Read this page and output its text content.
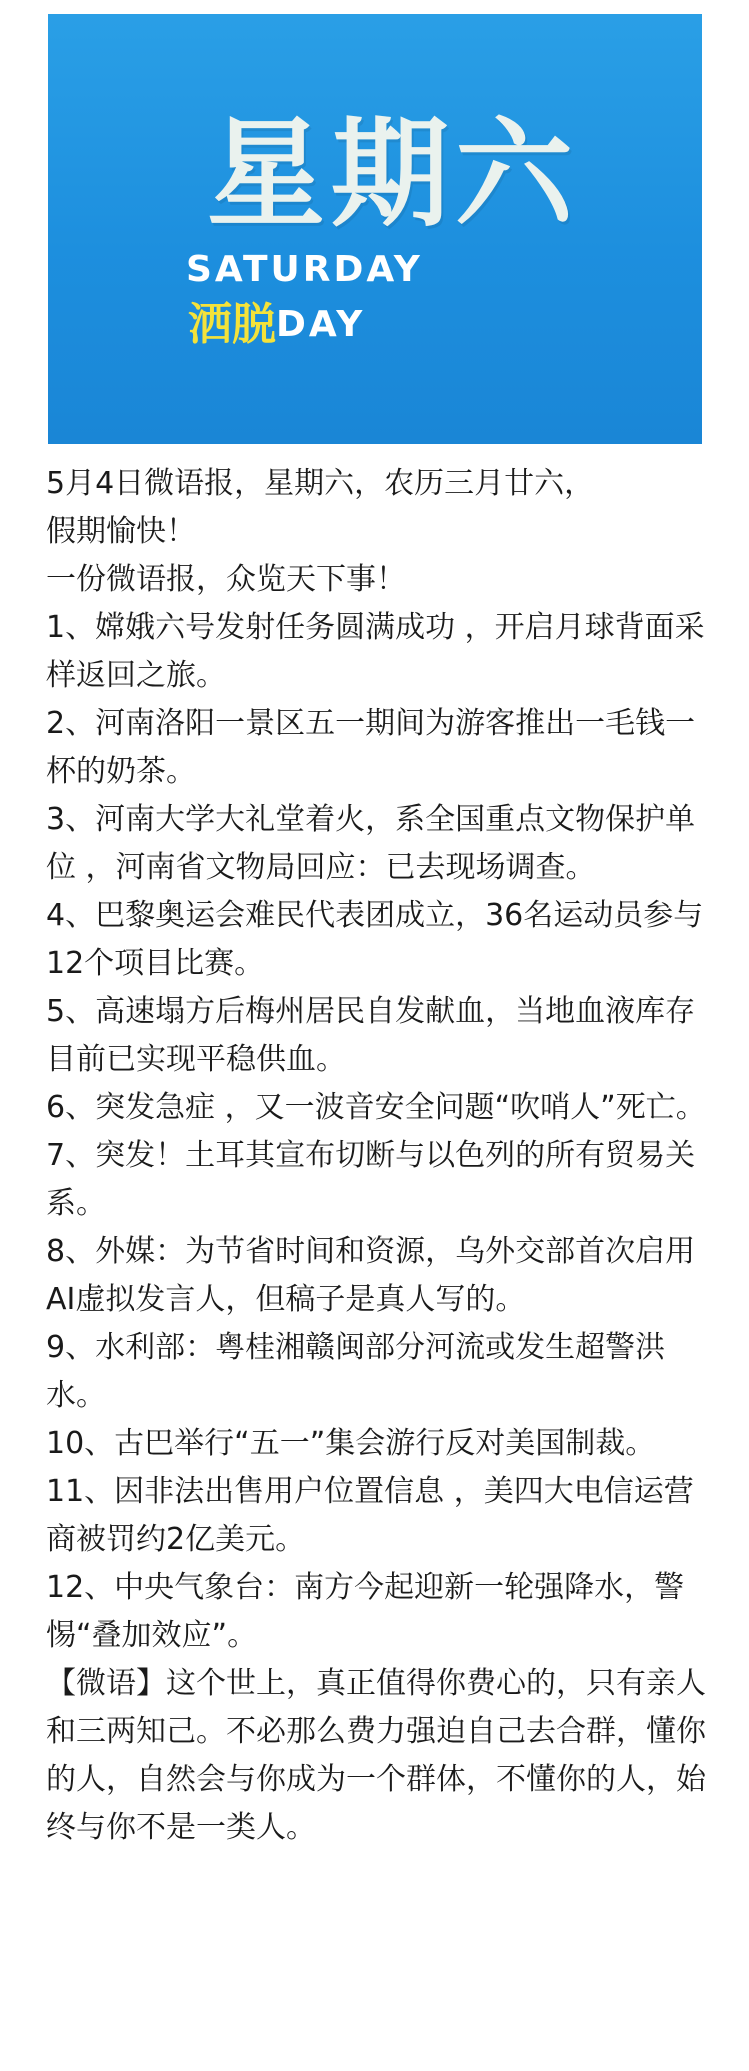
星期六
SATURDAY
洒脱DAY

5月4日微语报，星期六，农历三月廿六，

假期愉快！

一份微语报，众览天下事！

1、嫦娥六号发射任务圆满成功 ，开启月球背面采样返回之旅。

2、河南洛阳一景区五一期间为游客推出一毛钱一杯的奶茶。

3、河南大学大礼堂着火，系全国重点文物保护单位 ，河南省文物局回应：已去现场调查。

4、巴黎奥运会难民代表团成立，36名运动员参与12个项目比赛。

5、高速塌方后梅州居民自发献血，当地血液库存目前已实现平稳供血。

6、突发急症 ，又一波音安全问题“吹哨人”死亡。

7、突发！土耳其宣布切断与以色列的所有贸易关系。

8、外媒：为节省时间和资源，乌外交部首次启用AI虚拟发言人，但稿子是真人写的。

9、水利部：粤桂湘赣闽部分河流或发生超警洪水。

10、古巴举行“五一”集会游行反对美国制裁。

11、因非法出售用户位置信息 ，美四大电信运营商被罚约2亿美元。

12、中央气象台：南方今起迎新一轮强降水，警惕“叠加效应”。

【微语】这个世上，真正值得你费心的，只有亲人和三两知己。不必那么费力强迫自己去合群，懂你的人，自然会与你成为一个群体，不懂你的人，始终与你不是一类人。
